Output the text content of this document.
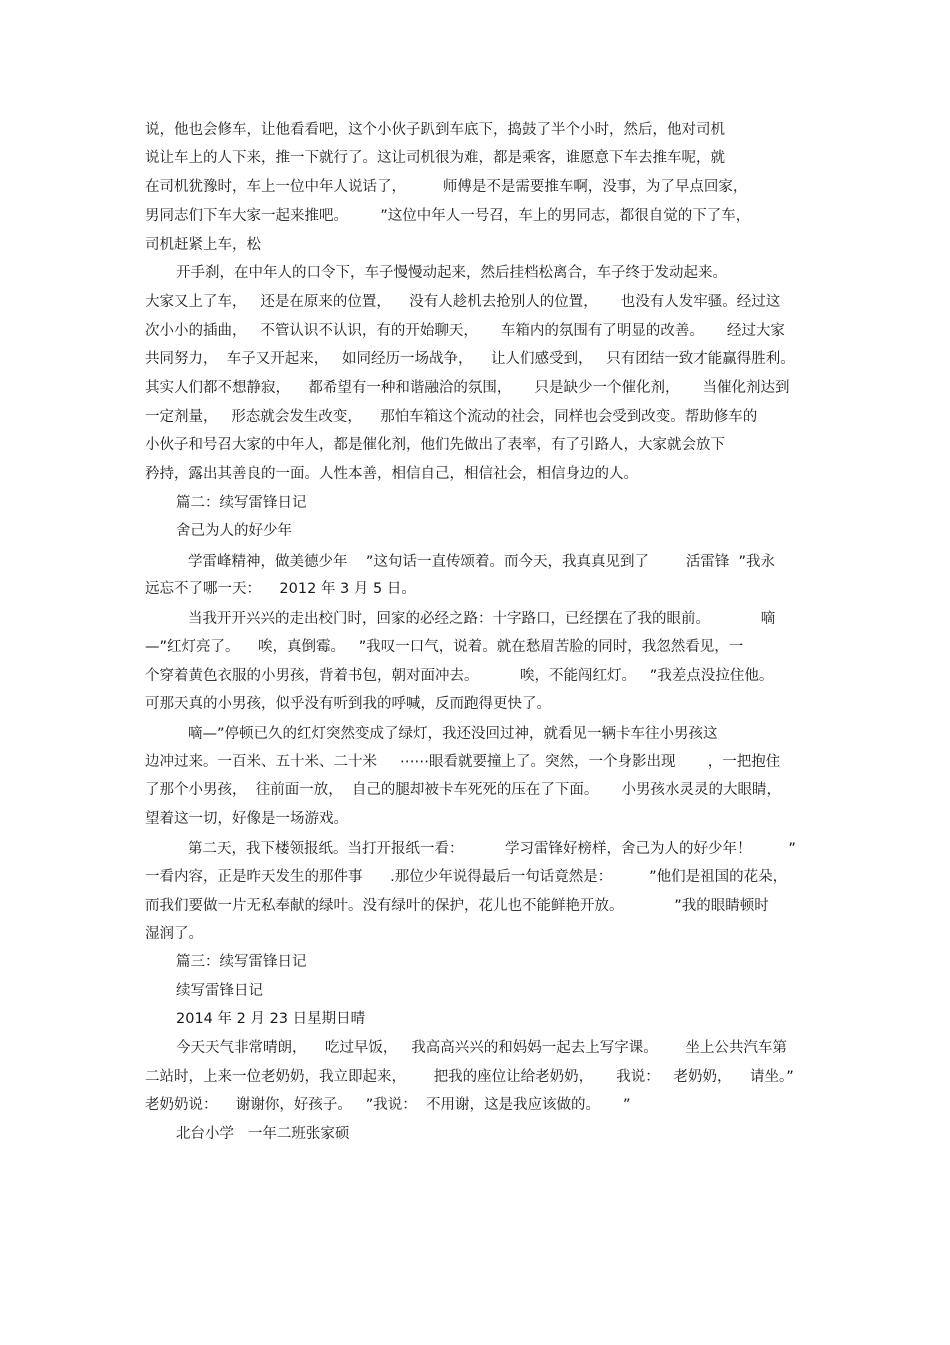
说，他也会修车，让他看看吧，这个小伙子趴到车底下，捣鼓了半个小时，然后，他对司机
说让车上的人下来，推一下就行了。这让司机很为难，都是乘客，谁愿意下车去推车呢，就
在司机犹豫时，车上一位中年人说话了，        师傅是不是需要推车啊，没事，为了早点回家，
男同志们下车大家一起来推吧。       ”这位中年人一号召，车上的男同志，都很自觉的下了车，
司机赶紧上车，松
开手刹，在中年人的口令下，车子慢慢动起来，然后挂档松离合，车子终于发动起来。
大家又上了车，   还是在原来的位置，    没有人趁机去抢别人的位置，     也没有人发牢骚。经过这
次小小的插曲，   不管认识不认识，有的开始聊天，     车箱内的氛围有了明显的改善。     经过大家
共同努力，  车子又开起来，   如同经历一场战争，    让人们感受到，   只有团结一致才能赢得胜利。
其实人们都不想静寂，    都希望有一种和谐融洽的氛围，     只是缺少一个催化剂，     当催化剂达到
一定剂量，   形态就会发生改变，    那怕车箱这个流动的社会，同样也会受到改变。帮助修车的
小伙子和号召大家的中年人，都是催化剂，他们先做出了表率，有了引路人，大家就会放下
矜持，露出其善良的一面。人性本善，相信自己，相信社会，相信身边的人。
篇二：续写雷锋日记
舍己为人的好少年
学雷峰精神，做美德少年    ”这句话一直传颂着。而今天，我真真见到了        活雷锋  ”我永
远忘不了哪一天：    2012 年 3 月 5 日。
当我开开兴兴的走出校门时，回家的必经之路：十字路口，已经摆在了我的眼前。           嘀
—”红灯亮了。    唉，真倒霉。   ”我叹一口气，说着。就在愁眉苦脸的同时，我忽然看见，一
个穿着黄色衣服的小男孩，背着书包，朝对面冲去。         唉，不能闯红灯。   ”我差点没拉住他。
可那天真的小男孩，似乎没有听到我的呼喊，反而跑得更快了。
嘀—”停顿已久的红灯突然变成了绿灯，我还没回过神，就看见一辆卡车往小男孩这
边冲过来。一百米、五十米、二十米     ⋯⋯眼看就要撞上了。突然，一个身影出现       ，一把抱住
了那个小男孩，  往前面一放，  自己的腿却被卡车死死的压在了下面。     小男孩水灵灵的大眼睛，
望着这一切，好像是一场游戏。
第二天，我下楼领报纸。当打开报纸一看：         学习雷锋好榜样，舍己为人的好少年！        ”
一看内容，正是昨天发生的那件事      .那位少年说得最后一句话竟然是：        ”他们是祖国的花朵，
而我们要做一片无私奉献的绿叶。没有绿叶的保护，花儿也不能鲜艳开放。           ”我的眼睛顿时
湿润了。
篇三：续写雷锋日记
续写雷锋日记
2014 年 2 月 23 日星期日晴
今天天气非常晴朗，    吃过早饭，   我高高兴兴的和妈妈一起去上写字课。      坐上公共汽车第
二站时，上来一位老奶奶，我立即起来，      把我的座位让给老奶奶，     我说：   老奶奶，    请坐。”
老奶奶说：    谢谢你，好孩子。   ”我说：  不用谢，这是我应该做的。     ”
北台小学   一年二班张家硕
